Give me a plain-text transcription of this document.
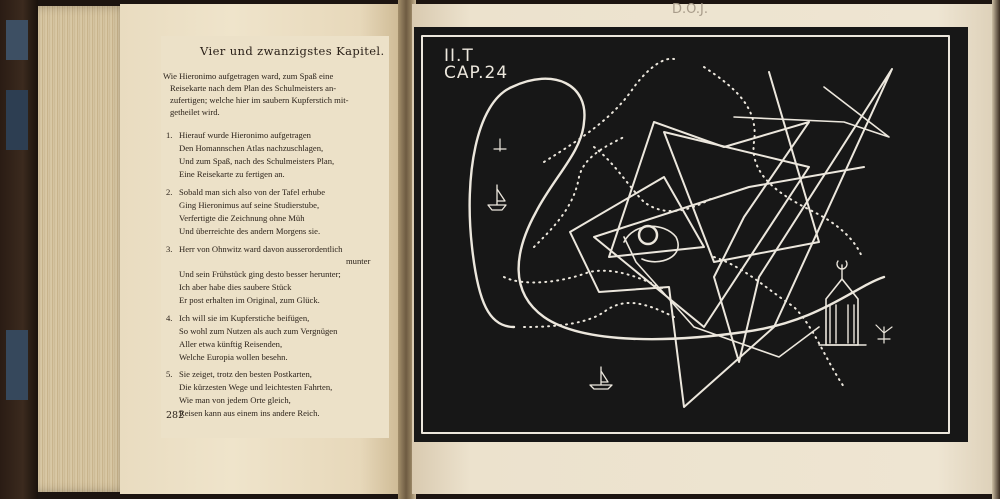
Vier und zwanzigstes Kapitel.
Wie Hieronimo aufgetragen ward, zum Spaß eine
Reisekarte nach dem Plan des Schulmeisters an-
zufertigen; welche hier im saubern Kupferstich mit-
getheilet wird.
1. Hierauf wurde Hieronimo aufgetragen
Den Homannschen Atlas nachzuschlagen,
Und zum Spaß, nach des Schulmeisters Plan,
Eine Reisekarte zu fertigen an.
2. Sobald man sich also von der Tafel erhube
Ging Hieronimus auf seine Studierstube,
Verfertigte die Zeichnung ohne Müh
Und überreichte des andern Morgens sie.
3. Herr von Ohnwitz ward davon ausserordentlich
munter
Und sein Frühstück ging desto besser herunter;
Ich aber habe dies saubere Stück
Er post erhalten im Original, zum Glück.
4. Ich will sie im Kupferstiche beifügen,
So wohl zum Nutzen als auch zum Vergnügen
Aller etwa künftig Reisenden,
Welche Europia wollen besehn.
5. Sie zeiget, trotz den besten Postkarten,
Die kürzesten Wege und leichtesten Fahrten,
Wie man von jedem Orte gleich,
Reisen kann aus einem ins andere Reich.
282
D.O.J.
II.T
CAP.24
